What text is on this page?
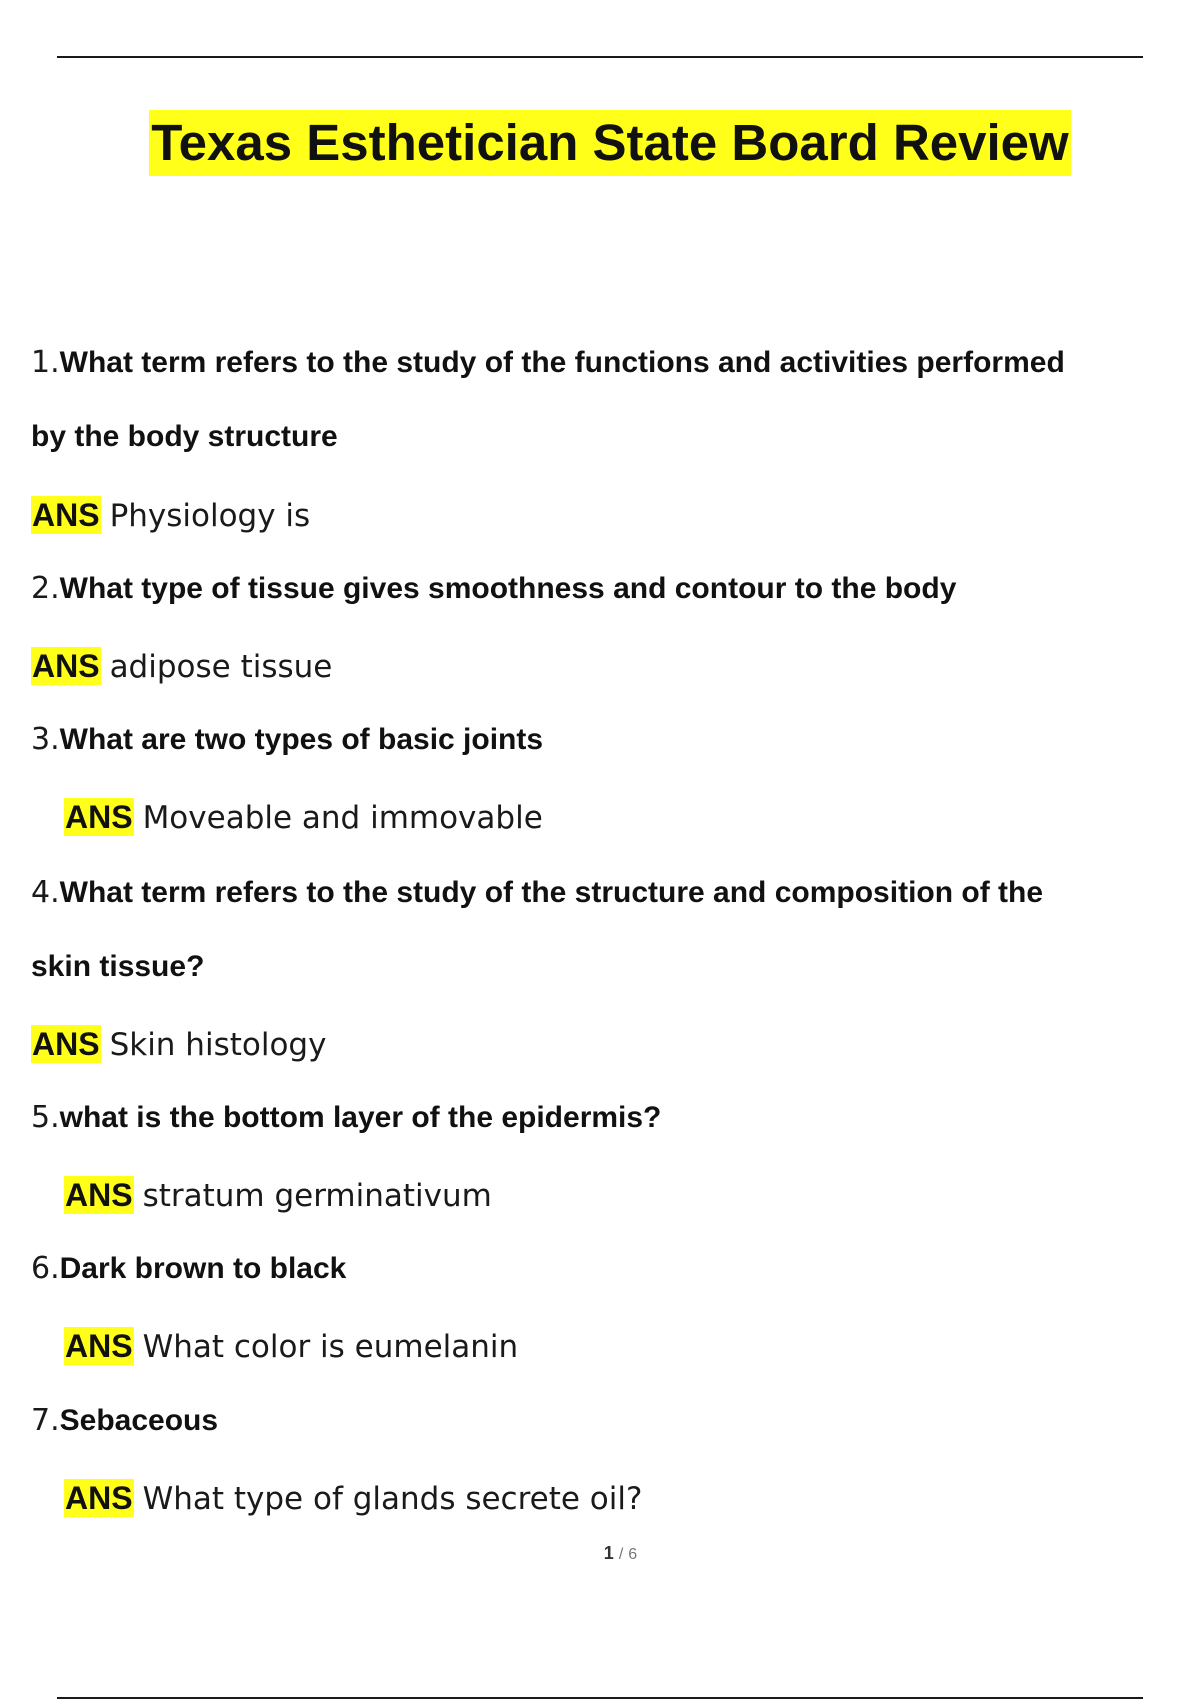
Texas Esthetician State Board Review
1.What term refers to the study of the functions and activities performed
by the body structure
ANS Physiology is
2.What type of tissue gives smoothness and contour to the body
ANS adipose tissue
3.What are two types of basic joints
ANS Moveable and immovable
4.What term refers to the study of the structure and composition of the
skin tissue?
ANS Skin histology
5.what is the bottom layer of the epidermis?
ANS stratum germinativum
6.Dark brown to black
ANS What color is eumelanin
7.Sebaceous
ANS What type of glands secrete oil?
1 / 6
